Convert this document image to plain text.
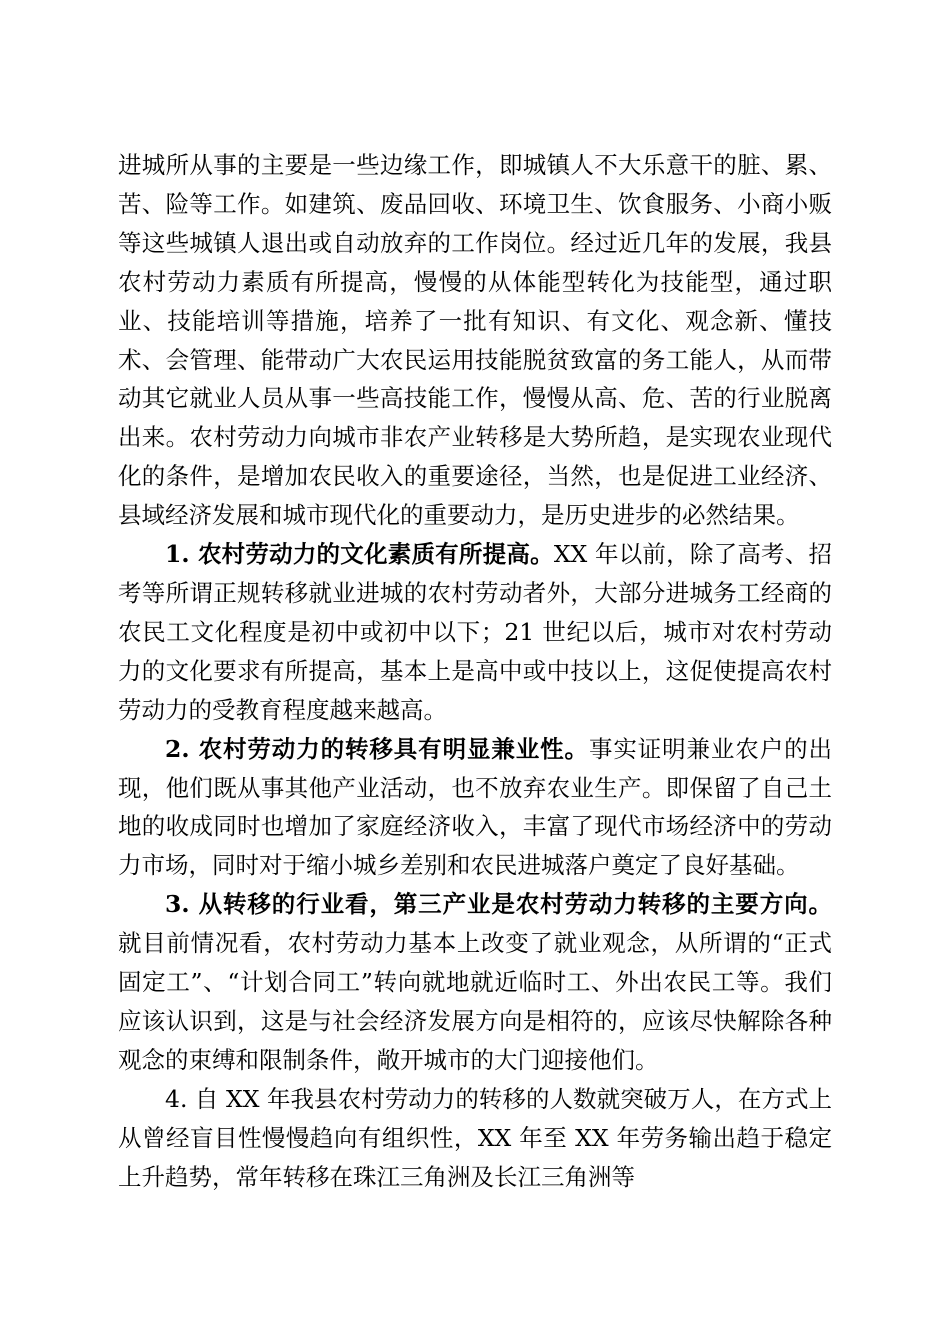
进城所从事的主要是一些边缘工作，即城镇人不大乐意干的脏、累、苦、险等工作。如建筑、废品回收、环境卫生、饮食服务、小商小贩等这些城镇人退出或自动放弃的工作岗位。经过近几年的发展，我县农村劳动力素质有所提高，慢慢的从体能型转化为技能型，通过职业、技能培训等措施，培养了一批有知识、有文化、观念新、懂技术、会管理、能带动广大农民运用技能脱贫致富的务工能人，从而带动其它就业人员从事一些高技能工作，慢慢从高、危、苦的行业脱离出来。农村劳动力向城市非农产业转移是大势所趋，是实现农业现代化的条件，是增加农民收入的重要途径，当然，也是促进工业经济、县域经济发展和城市现代化的重要动力，是历史进步的必然结果。

1. 农村劳动力的文化素质有所提高。XX 年以前，除了高考、招考等所谓正规转移就业进城的农村劳动者外，大部分进城务工经商的农民工文化程度是初中或初中以下；21 世纪以后，城市对农村劳动力的文化要求有所提高，基本上是高中或中技以上，这促使提高农村劳动力的受教育程度越来越高。

2. 农村劳动力的转移具有明显兼业性。事实证明兼业农户的出现，他们既从事其他产业活动，也不放弃农业生产。即保留了自己土地的收成同时也增加了家庭经济收入，丰富了现代市场经济中的劳动力市场，同时对于缩小城乡差别和农民进城落户奠定了良好基础。

3. 从转移的行业看，第三产业是农村劳动力转移的主要方向。就目前情况看，农村劳动力基本上改变了就业观念，从所谓的“正式固定工”、“计划合同工”转向就地就近临时工、外出农民工等。我们应该认识到，这是与社会经济发展方向是相符的，应该尽快解除各种观念的束缚和限制条件，敞开城市的大门迎接他们。

4. 自 XX 年我县农村劳动力的转移的人数就突破万人，在方式上从曾经盲目性慢慢趋向有组织性，XX 年至 XX 年劳务输出趋于稳定上升趋势，常年转移在珠江三角洲及长江三角洲等
